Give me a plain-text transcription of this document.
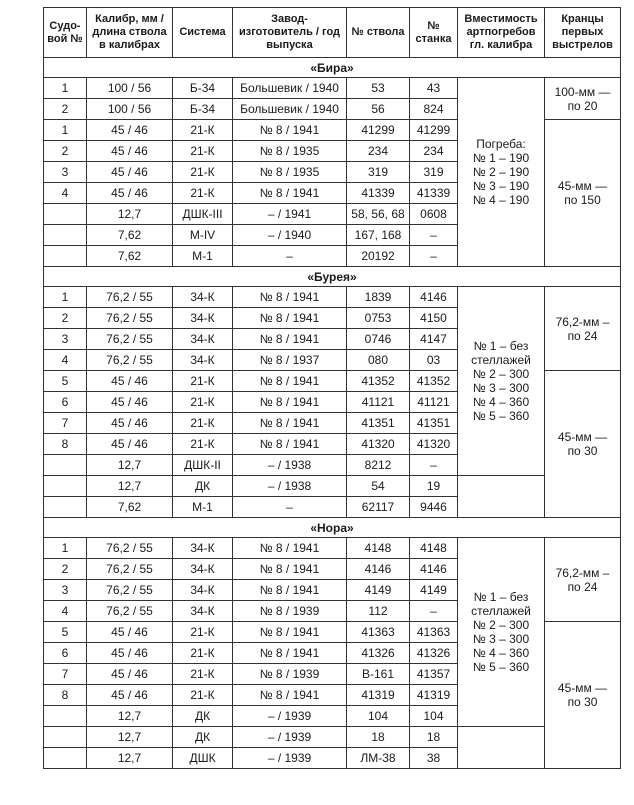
Судо-вой №	Калибр, мм / длина ствола в калибрах	Система	Завод-изготовитель / год выпуска	№ ствола	№ станка	Вместимость артпогребов гл. калибра	Кранцы первых выстрелов
«Бира»							
1	100 / 56	Б-34	Большевик / 1940	53	43	Погреба:
№ 1 – 190
№ 2 – 190
№ 3 – 190
№ 4 – 190	100-мм —
по 20
2	100 / 56	Б-34	Большевик / 1940	56	824		
1	45 / 46	21-К	№ 8 / 1941	41299	41299		45-мм —
по 150
2	45 / 46	21-К	№ 8 / 1935	234	234		
3	45 / 46	21-К	№ 8 / 1935	319	319		
4	45 / 46	21-К	№ 8 / 1941	41339	41339		
	12,7	ДШК-III	– / 1941	58, 56, 68	0608		
	7,62	М-IV	– / 1940	167, 168	–		
	7,62	М-1	–	20192	–		
«Бурея»							
1	76,2 / 55	34-К	№ 8 / 1941	1839	4146	№ 1 – без стеллажей
№ 2 – 300
№ 3 – 300
№ 4 – 360
№ 5 – 360	76,2-мм –
по 24
2	76,2 / 55	34-К	№ 8 / 1941	0753	4150		
3	76,2 / 55	34-К	№ 8 / 1941	0746	4147		
4	76,2 / 55	34-К	№ 8 / 1937	080	03		
5	45 / 46	21-К	№ 8 / 1941	41352	41352		45-мм —
по 30
6	45 / 46	21-К	№ 8 / 1941	41121	41121		
7	45 / 46	21-К	№ 8 / 1941	41351	41351		
8	45 / 46	21-К	№ 8 / 1941	41320	41320		
	12,7	ДШК-II	– / 1938	8212	–		
	12,7	ДК	– / 1938	54	19		
	7,62	М-1	–	62117	9446		
«Нора»							
1	76,2 / 55	34-К	№ 8 / 1941	4148	4148	№ 1 – без стеллажей
№ 2 – 300
№ 3 – 300
№ 4 – 360
№ 5 – 360	76,2-мм –
по 24
2	76,2 / 55	34-К	№ 8 / 1941	4146	4146		
3	76,2 / 55	34-К	№ 8 / 1941	4149	4149		
4	76,2 / 55	34-К	№ 8 / 1939	112	–		
5	45 / 46	21-К	№ 8 / 1941	41363	41363		45-мм —
по 30
6	45 / 46	21-К	№ 8 / 1941	41326	41326		
7	45 / 46	21-К	№ 8 / 1939	В-161	41357		
8	45 / 46	21-К	№ 8 / 1941	41319	41319		
	12,7	ДК	– / 1939	104	104		
	12,7	ДК	– / 1939	18	18		
	12,7	ДШК	– / 1939	ЛМ-38	38		
